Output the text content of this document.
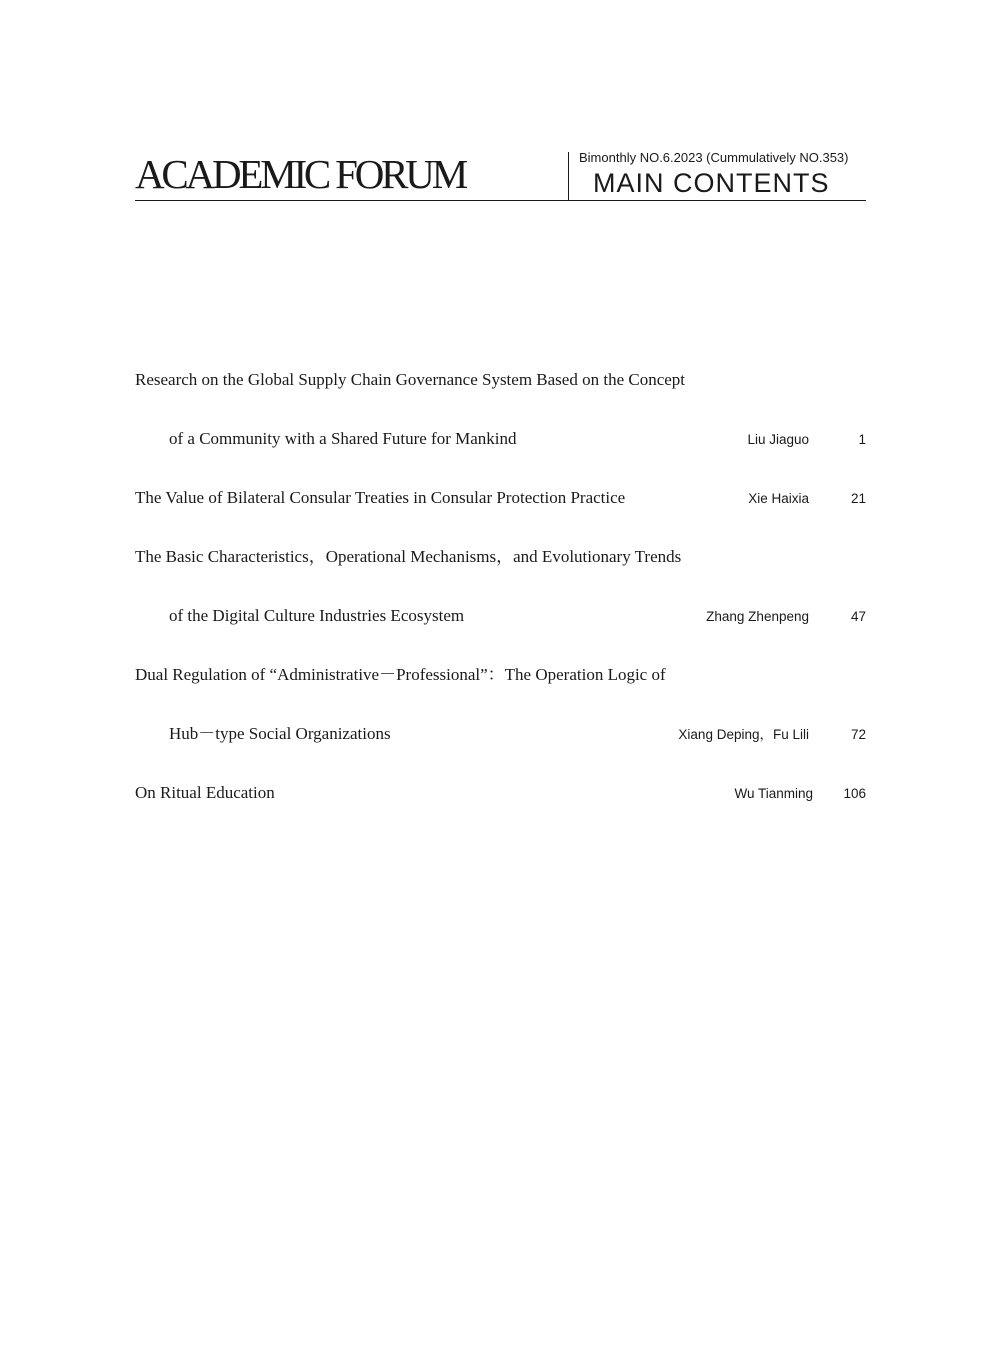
ACADEMIC FORUM	Bimonthly NO.6.2023 (Cummulatively NO.353)
MAIN CONTENTS
Research on the Global Supply Chain Governance System Based on the Concept
of a Community with a Shared Future for Mankind	Liu Jiaguo	1
The Value of Bilateral Consular Treaties in Consular Protection Practice	Xie Haixia	21
The Basic Characteristics，Operational Mechanisms，and Evolutionary Trends
of the Digital Culture Industries Ecosystem	Zhang Zhenpeng	47
Dual Regulation of “Administrative－Professional”：The Operation Logic of
Hub－type Social Organizations	Xiang Deping，Fu Lili	72
On Ritual Education	Wu Tianming 106
